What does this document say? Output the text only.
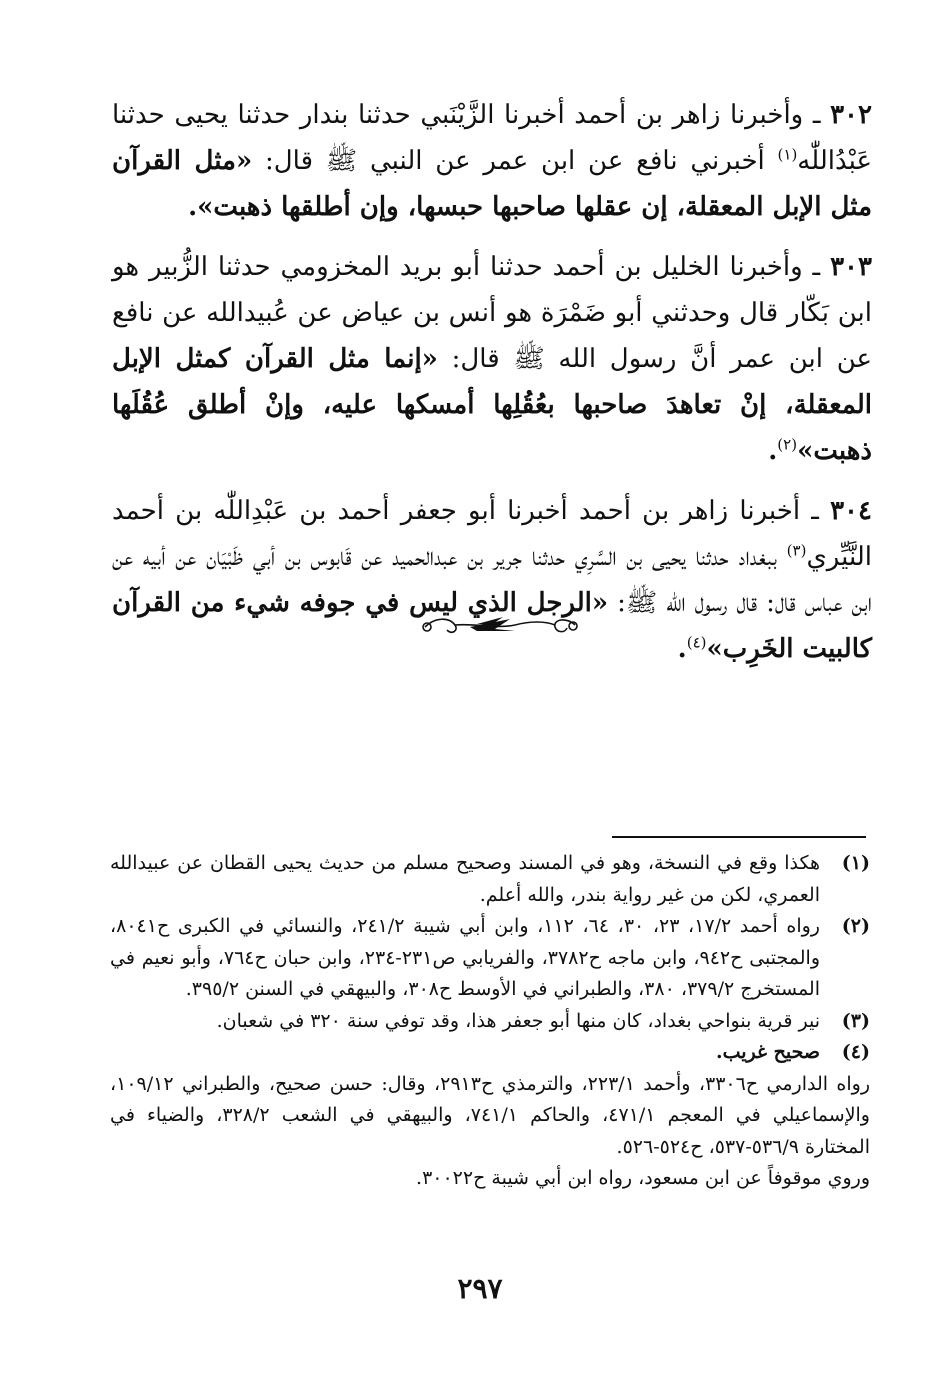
٣٠٢ ـ وأخبرنا زاهر بن أحمد أخبرنا الزَّيْنَبي حدثنا بندار حدثنا يحيى حدثنا عَبْدُاللّٰه$^{(١)}$ أخبرني نافع عن ابن عمر عن النبي ﷺ قال: «مثل القرآن مثل الإبل المعقلة، إن عقلها صاحبها حبسها، وإن أطلقها ذهبت».

٣٠٣ ـ وأخبرنا الخليل بن أحمد حدثنا أبو بريد المخزومي حدثنا الزُّبير هو ابن بَكّار قال وحدثني أبو ضَمْرَة هو أنس بن عياض عن عُبيدالله عن نافع عن ابن عمر أنَّ رسول الله ﷺ قال: «إنما مثل القرآن كمثل الإبل المعقلة، إنْ تعاهدَ صاحبها بعُقُلِها أمسكها عليه، وإنْ أطلق عُقُلَها ذهبت»$^{(٢)}$.

٣٠٤ ـ أخبرنا زاهر بن أحمد أخبرنا أبو جعفر أحمد بن عَبْدِاللّٰه بن أحمد النَّيِّري$^{(٣)}$ ببغداد حدثنا يحيى بن السَّرِي حدثنا جرير بن عبدالحميد عن قَابوس بن أبي ظَبْيَان عن أبيه عن ابن عباس قال: قال رسول اللّٰه ﷺ: «الرجل الذي ليس في جوفه شيء من القرآن كالبيت الخَرِب»$^{(٤)}$.

(١)
هكذا وقع في النسخة، وهو في المسند وصحيح مسلم من حديث يحيى القطان عن عبيدالله العمري، لكن من غير رواية بندر، والله أعلم.
(٢)
رواه أحمد ١٧/٢، ٢٣، ٣٠، ٦٤، ١١٢، وابن أبي شيبة ٢٤١/٢، والنسائي في الكبرى ح٨٠٤١، والمجتبى ح٩٤٢، وابن ماجه ح٣٧٨٢، والفريابي ص٢٣١-٢٣٤، وابن حبان ح٧٦٤، وأبو نعيم في المستخرج ٣٧٩/٢، ٣٨٠، والطبراني في الأوسط ح٣٠٨، والبيهقي في السنن ٣٩٥/٢.
(٣)
نير قرية بنواحي بغداد، كان منها أبو جعفر هذا، وقد توفي سنة ٣٢٠ في شعبان.
(٤)
صحيح غريب.

رواه الدارمي ح٣٣٠٦، وأحمد ٢٢٣/١، والترمذي ح٢٩١٣، وقال: حسن صحيح، والطبراني ١٠٩/١٢، والإسماعيلي في المعجم ٤٧١/١، والحاكم ٧٤١/١، والبيهقي في الشعب ٣٢٨/٢، والضياء في المختارة ٥٣٦/٩-٥٣٧، ح٥٢٤-٥٢٦.

وروي موقوفاً عن ابن مسعود، رواه ابن أبي شيبة ح٣٠٠٢٢.

٢٩٧
